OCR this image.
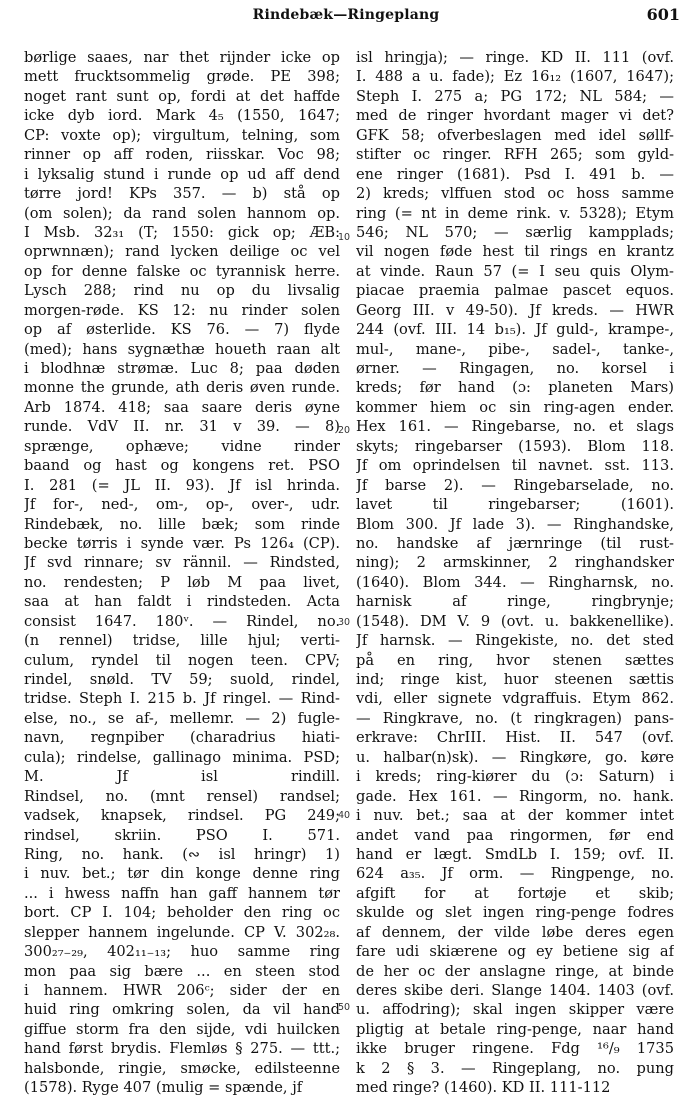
Rindebæk—Ringeplang	601
børlige saaes, nar thet rijnder icke op
mett frucktsommelig grøde. PE 398;
noget rant sunt op, fordi at det haffde
icke dyb iord. Mark 4₅ (1550, 1647;
CP: voxte op); virgultum, telning, som
rinner op aff roden, riisskar. Voc 98;
i lyksalig stund i runde op ud aff dend
tørre jord! KPs 357. — b) stå op
(om solen); da rand solen hannom op.
I Msb. 32₃₁ (T; 1550: gick op; ÆB:
oprwnnæn); rand lycken deilige oc vel
op for denne falske oc tyrannisk herre.
Lysch 288; rind nu op du livsalig
morgen-røde. KS 12: nu rinder solen
op af østerlide. KS 76. — 7) flyde
(med); hans sygnæthæ houeth raan alt
i blodhnæ strømæ. Luc 8; paa døden
monne the grunde, ath deris øven runde.
Arb 1874. 418; saa saare deris øyne
runde. VdV II. nr. 31 v 39. — 8)
sprænge, ophæve; vidne rinder
baand og hast og kongens ret. PSO
I. 281 (= JL II. 93). Jf isl hrinda.
Jf for-, ned-, om-, op-, over-, udr.
Rindebæk, no. lille bæk; som rinde
becke tørris i synde vær. Ps 126₄ (CP).
Jf svd rinnare; sv rännil. — Rindsted,
no. rendesten; P løb M paa livet,
saa at han faldt i rindsteden. Acta
consist 1647. 180ᵛ. — Rindel, no.
(n rennel) tridse, lille hjul; verti-
culum, ryndel til nogen teen. CPV;
rindel, snøld. TV 59; suold, rindel,
tridse. Steph I. 215 b. Jf ringel. — Rind-
else, no., se af-, mellemr. — 2) fugle-
navn, regnpiber (charadrius hiati-
cula); rindelse, gallinago minima. PSD;
M. Jf isl rindill.
Rindsel, no. (mnt rensel) randsel;
vadsek, knapsek, rindsel. PG 249;
rindsel, skriin. PSO I. 571.
Ring, no. hank. (∾ isl hringr) 1)
i nuv. bet.; tør din konge denne ring
... i hwess naffn han gaff hannem tør
bort. CP I. 104; beholder den ring oc
slepper hannem ingelunde. CP V. 302₂₈.
300₂₇₋₂₉, 402₁₁₋₁₃; huo samme ring
mon paa sig bære ... en steen stod
i hannem. HWR 206ᶜ; sider der en
huid ring omkring solen, da vil hand
giffue storm fra den sijde, vdi huilcken
hand først brydis. Flemløs § 275. — ttt.;
halsbonde, ringie, smøcke, edilsteenne
(1578). Ryge 407 (mulig = spænde, jf
isl hringja); — ringe. KD II. 111 (ovf.
I. 488 a u. fade); Ez 16₁₂ (1607, 1647);
Steph I. 275 a; PG 172; NL 584; —
med de ringer hvordant mager vi det?
GFK 58; ofverbeslagen med idel søllf-
stifter oc ringer. RFH 265; som gyld-
ene ringer (1681). Psd I. 491 b. —
2) kreds; vlffuen stod oc hoss samme
ring (= nt in deme rink. v. 5328); Etym
546; NL 570; — særlig kampplads;
vil nogen føde hest til rings en krantz
at vinde. Raun 57 (= I seu quis Olym-
piacae praemia palmae pascet equos.
Georg III. v 49-50). Jf kreds. — HWR
244 (ovf. III. 14 b₁₅). Jf guld-, krampe-,
mul-, mane-, pibe-, sadel-, tanke-,
ørner. — Ringagen, no. korsel i
kreds; før hand (ɔ: planeten Mars)
kommer hiem oc sin ring-agen ender.
Hex 161. — Ringebarse, no. et slags
skyts; ringebarser (1593). Blom 118.
Jf om oprindelsen til navnet. sst. 113.
Jf barse 2). — Ringebarselade, no.
lavet til ringebarser; (1601).
Blom 300. Jf lade 3). — Ringhandske,
no. handske af jærnringe (til rust-
ning); 2 armskinner, 2 ringhandsker
(1640). Blom 344. — Ringharnsk, no.
harnisk af ringe, ringbrynje;
(1548). DM V. 9 (ovt. u. bakkenellike).
Jf harnsk. — Ringekiste, no. det sted
på en ring, hvor stenen sættes
ind; ringe kist, huor steenen sættis
vdi, eller signete vdgraffuis. Etym 862.
— Ringkrave, no. (t ringkragen) pans-
erkrave: ChrIII. Hist. II. 547 (ovf.
u. halbar(n)sk). — Ringkøre, go. køre
i kreds; ring-kiører du (ɔ: Saturn) i
gade. Hex 161. — Ringorm, no. hank.
i nuv. bet.; saa at der kommer intet
andet vand paa ringormen, før end
hand er lægt. SmdLb I. 159; ovf. II.
624 a₃₅. Jf orm. — Ringpenge, no.
afgift for at fortøje et skib;
skulde og slet ingen ring-penge fodres
af dennem, der vilde løbe deres egen
fare udi skiærene og ey betiene sig af
de her oc der anslagne ringe, at binde
deres skibe deri. Slange 1404. 1403 (ovf.
u. affodring); skal ingen skipper være
pligtig at betale ring-penge, naar hand
ikke bruger ringene. Fdg ¹⁶/₉ 1735
k 2 § 3. — Ringeplang, no. pung
med ringe? (1460). KD II. 111-112
10
20
30
40
50
